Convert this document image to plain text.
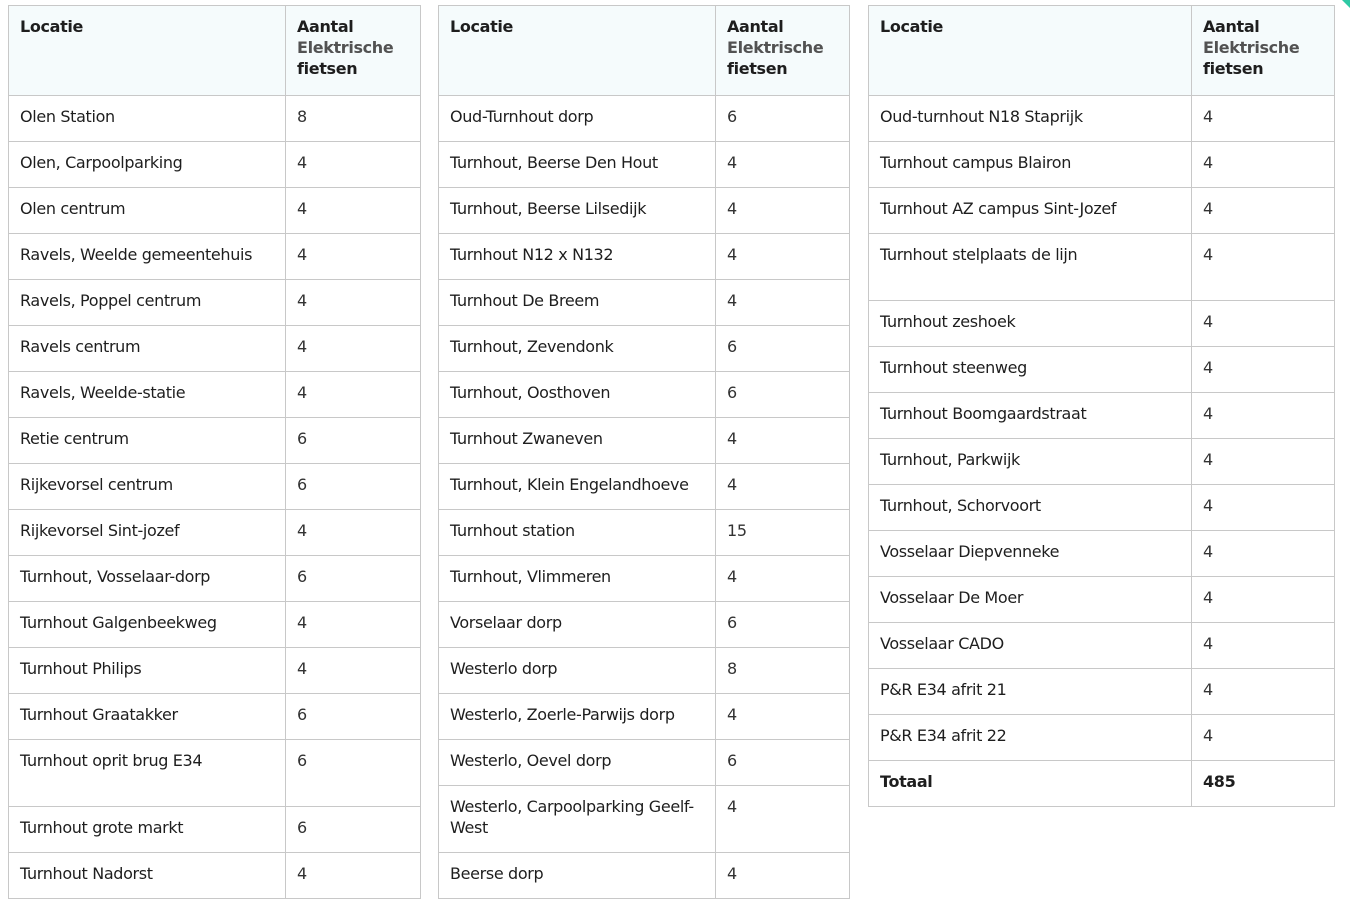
Locatie	Aantal
Elektrische
fietsen

Olen Station	8
Olen, Carpoolparking	4
Olen centrum	4
Ravels, Weelde gemeentehuis	4
Ravels, Poppel centrum	4
Ravels centrum	4
Ravels, Weelde-statie	4
Retie centrum	6
Rijkevorsel centrum	6
Rijkevorsel Sint-jozef	4
Turnhout, Vosselaar-dorp	6
Turnhout Galgenbeekweg	4
Turnhout Philips	4
Turnhout Graatakker	6
Turnhout oprit brug E34	6
Turnhout grote markt	6
Turnhout Nadorst	4
Locatie	Aantal
Elektrische
fietsen

Oud-Turnhout dorp	6
Turnhout, Beerse Den Hout	4
Turnhout, Beerse Lilsedijk	4
Turnhout N12 x N132	4
Turnhout De Breem	4
Turnhout, Zevendonk	6
Turnhout, Oosthoven	6
Turnhout Zwaneven	4
Turnhout, Klein Engelandhoeve	4
Turnhout station	15
Turnhout, Vlimmeren	4
Vorselaar dorp	6
Westerlo dorp	8
Westerlo, Zoerle-Parwijs dorp	4
Westerlo, Oevel dorp	6
Westerlo, Carpoolparking Geelf-West	4
Beerse dorp	4
Locatie	Aantal
Elektrische
fietsen

Oud-turnhout N18 Staprijk	4
Turnhout campus Blairon	4
Turnhout AZ campus Sint-Jozef	4
Turnhout stelplaats de lijn	4
Turnhout zeshoek	4
Turnhout steenweg	4
Turnhout Boomgaardstraat	4
Turnhout, Parkwijk	4
Turnhout, Schorvoort	4
Vosselaar Diepvenneke	4
Vosselaar De Moer	4
Vosselaar CADO	4
P&R E34 afrit 21	4
P&R E34 afrit 22	4
Totaal	485
